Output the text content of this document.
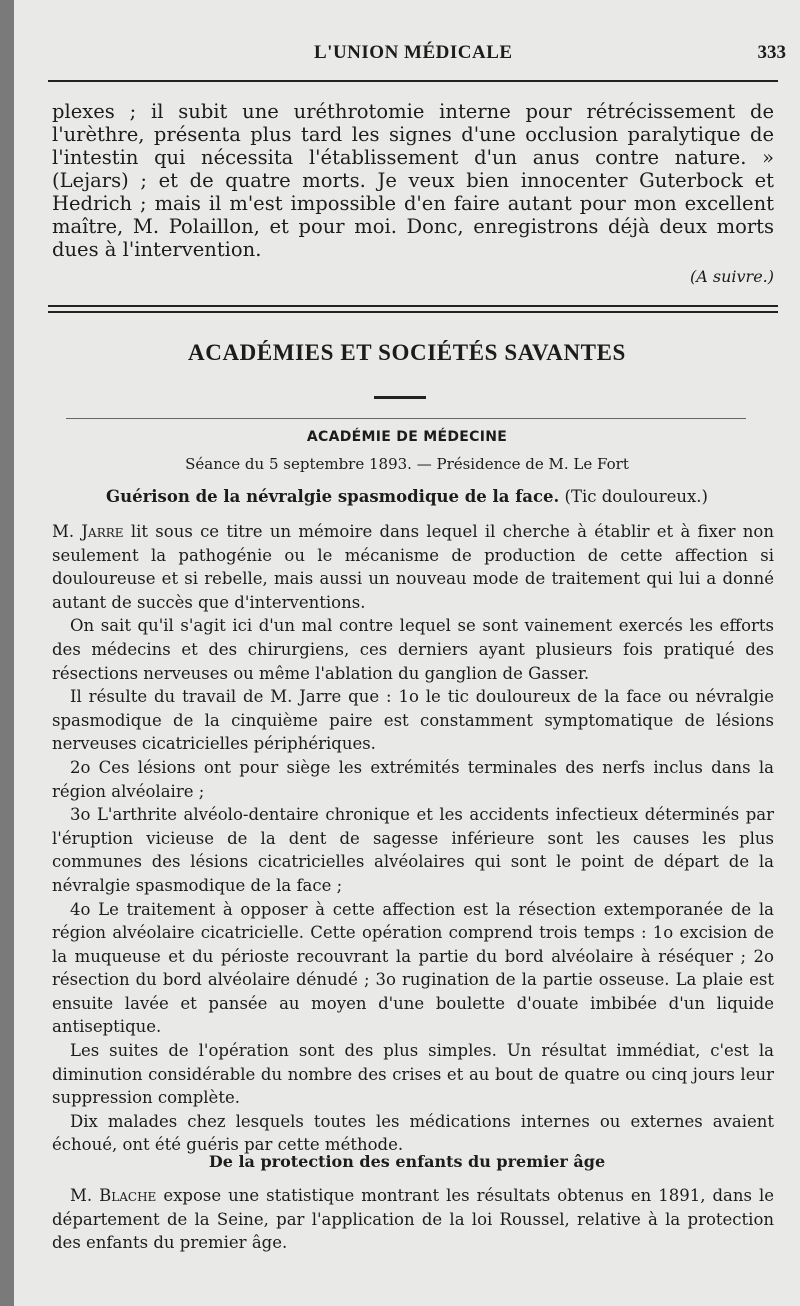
L'UNION MÉDICALE	333
plexes ; il subit une uréthrotomie interne pour rétrécissement de l'urèthre, présenta plus tard les signes d'une occlusion paralytique de l'intestin qui nécessita l'établissement d'un anus contre nature. » (Lejars) ; et de quatre morts. Je veux bien innocenter Guterbock et Hedrich ; mais il m'est impossible d'en faire autant pour mon excellent maître, M. Polaillon, et pour moi. Donc, enregistrons déjà deux morts dues à l'intervention.
(A suivre.)
ACADÉMIES ET SOCIÉTÉS SAVANTES
ACADÉMIE DE MÉDECINE
Séance du 5 septembre 1893. — Présidence de M. Le Fort
Guérison de la névralgie spasmodique de la face. (Tic douloureux.)

M. Jarre lit sous ce titre un mémoire dans lequel il cherche à établir et à fixer non seulement la pathogénie ou le mécanisme de production de cette affection si douloureuse et si rebelle, mais aussi un nouveau mode de traitement qui lui a donné autant de succès que d'interventions.

On sait qu'il s'agit ici d'un mal contre lequel se sont vainement exercés les efforts des médecins et des chirurgiens, ces derniers ayant plusieurs fois pratiqué des résections nerveuses ou même l'ablation du ganglion de Gasser.

Il résulte du travail de M. Jarre que : 1o le tic douloureux de la face ou névralgie spasmodique de la cinquième paire est constamment symptomatique de lésions nerveuses cicatricielles périphériques.

2o Ces lésions ont pour siège les extrémités terminales des nerfs inclus dans la région alvéolaire ;

3o L'arthrite alvéolo-dentaire chronique et les accidents infectieux déterminés par l'éruption vicieuse de la dent de sagesse inférieure sont les causes les plus communes des lésions cicatricielles alvéolaires qui sont le point de départ de la névralgie spasmodique de la face ;

4o Le traitement à opposer à cette affection est la résection extemporanée de la région alvéolaire cicatricielle. Cette opération comprend trois temps : 1o excision de la muqueuse et du périoste recouvrant la partie du bord alvéolaire à réséquer ; 2o résection du bord alvéolaire dénudé ; 3o rugination de la partie osseuse. La plaie est ensuite lavée et pansée au moyen d'une boulette d'ouate imbibée d'un liquide antiseptique.

Les suites de l'opération sont des plus simples. Un résultat immédiat, c'est la diminution considérable du nombre des crises et au bout de quatre ou cinq jours leur suppression complète.

Dix malades chez lesquels toutes les médications internes ou externes avaient échoué, ont été guéris par cette méthode.

De la protection des enfants du premier âge

M. Blache expose une statistique montrant les résultats obtenus en 1891, dans le département de la Seine, par l'application de la loi Roussel, relative à la protection des enfants du premier âge.
